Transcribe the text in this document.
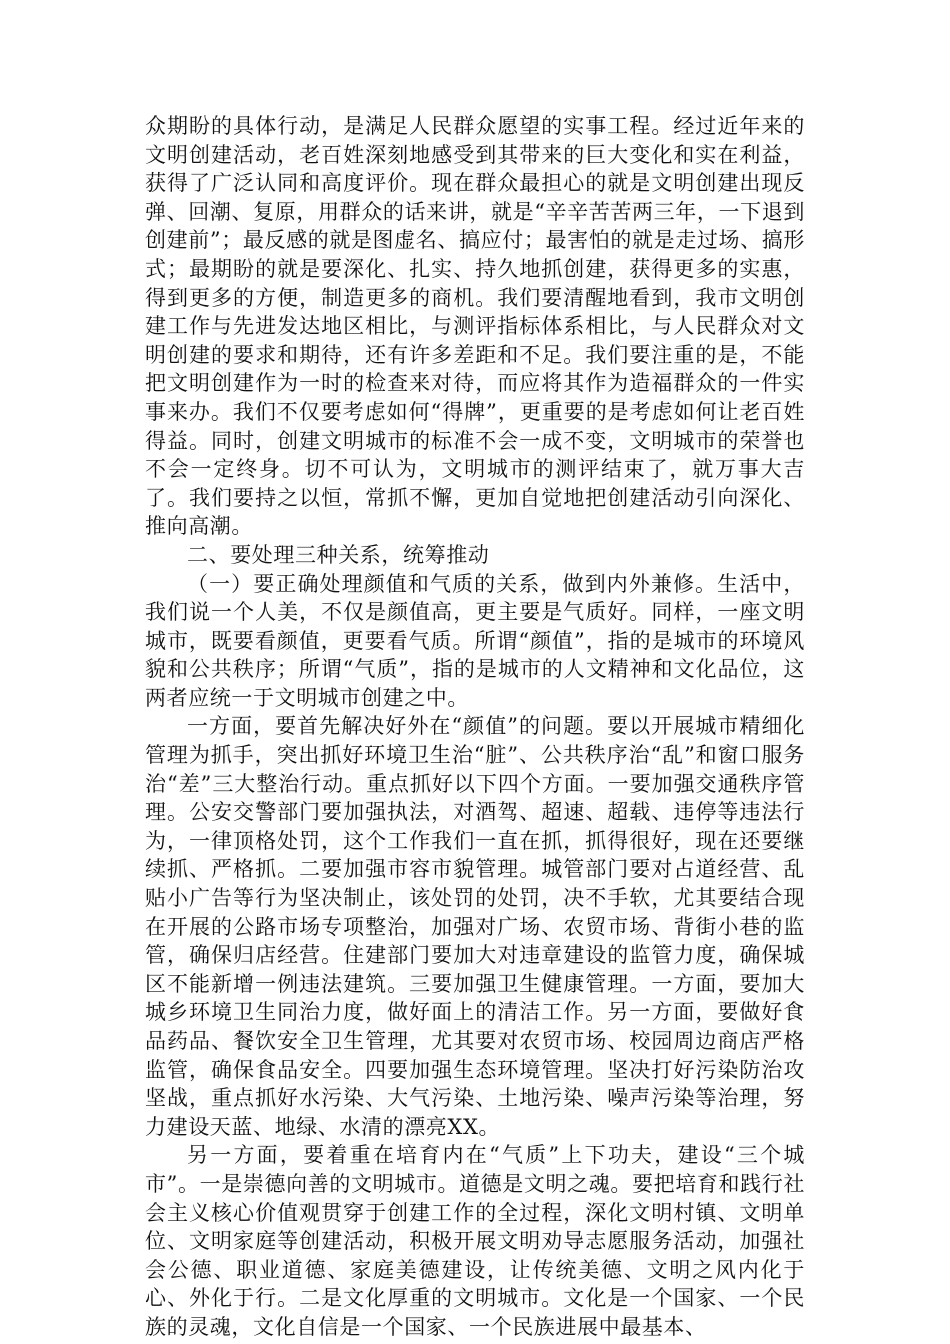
众期盼的具体行动，是满足人民群众愿望的实事工程。经过近年来的文明创建活动，老百姓深刻地感受到其带来的巨大变化和实在利益，获得了广泛认同和高度评价。现在群众最担心的就是文明创建出现反弹、回潮、复原，用群众的话来讲，就是“辛辛苦苦两三年，一下退到创建前”；最反感的就是图虚名、搞应付；最害怕的就是走过场、搞形式；最期盼的就是要深化、扎实、持久地抓创建，获得更多的实惠，得到更多的方便，制造更多的商机。我们要清醒地看到，我市文明创建工作与先进发达地区相比，与测评指标体系相比，与人民群众对文明创建的要求和期待，还有许多差距和不足。我们要注重的是，不能把文明创建作为一时的检查来对待，而应将其作为造福群众的一件实事来办。我们不仅要考虑如何“得牌”，更重要的是考虑如何让老百姓得益。同时，创建文明城市的标准不会一成不变，文明城市的荣誉也不会一定终身。切不可认为，文明城市的测评结束了，就万事大吉了。我们要持之以恒，常抓不懈，更加自觉地把创建活动引向深化、推向高潮。

二、要处理三种关系，统筹推动

（一）要正确处理颜值和气质的关系，做到内外兼修。生活中，我们说一个人美，不仅是颜值高，更主要是气质好。同样，一座文明城市，既要看颜值，更要看气质。所谓“颜值”，指的是城市的环境风貌和公共秩序；所谓“气质”，指的是城市的人文精神和文化品位，这两者应统一于文明城市创建之中。

一方面，要首先解决好外在“颜值”的问题。要以开展城市精细化管理为抓手，突出抓好环境卫生治“脏”、公共秩序治“乱”和窗口服务治“差”三大整治行动。重点抓好以下四个方面。一要加强交通秩序管理。公安交警部门要加强执法，对酒驾、超速、超载、违停等违法行为，一律顶格处罚，这个工作我们一直在抓，抓得很好，现在还要继续抓、严格抓。二要加强市容市貌管理。城管部门要对占道经营、乱贴小广告等行为坚决制止，该处罚的处罚，决不手软，尤其要结合现在开展的公路市场专项整治，加强对广场、农贸市场、背街小巷的监管，确保归店经营。住建部门要加大对违章建设的监管力度，确保城区不能新增一例违法建筑。三要加强卫生健康管理。一方面，要加大城乡环境卫生同治力度，做好面上的清洁工作。另一方面，要做好食品药品、餐饮安全卫生管理，尤其要对农贸市场、校园周边商店严格监管，确保食品安全。四要加强生态环境管理。坚决打好污染防治攻坚战，重点抓好水污染、大气污染、土地污染、噪声污染等治理，努力建设天蓝、地绿、水清的漂亮XX。

另一方面，要着重在培育内在“气质”上下功夫，建设“三个城市”。一是崇德向善的文明城市。道德是文明之魂。要把培育和践行社会主义核心价值观贯穿于创建工作的全过程，深化文明村镇、文明单位、文明家庭等创建活动，积极开展文明劝导志愿服务活动，加强社会公德、职业道德、家庭美德建设，让传统美德、文明之风内化于心、外化于行。二是文化厚重的文明城市。文化是一个国家、一个民族的灵魂，文化自信是一个国家、一个民族进展中最基本、
